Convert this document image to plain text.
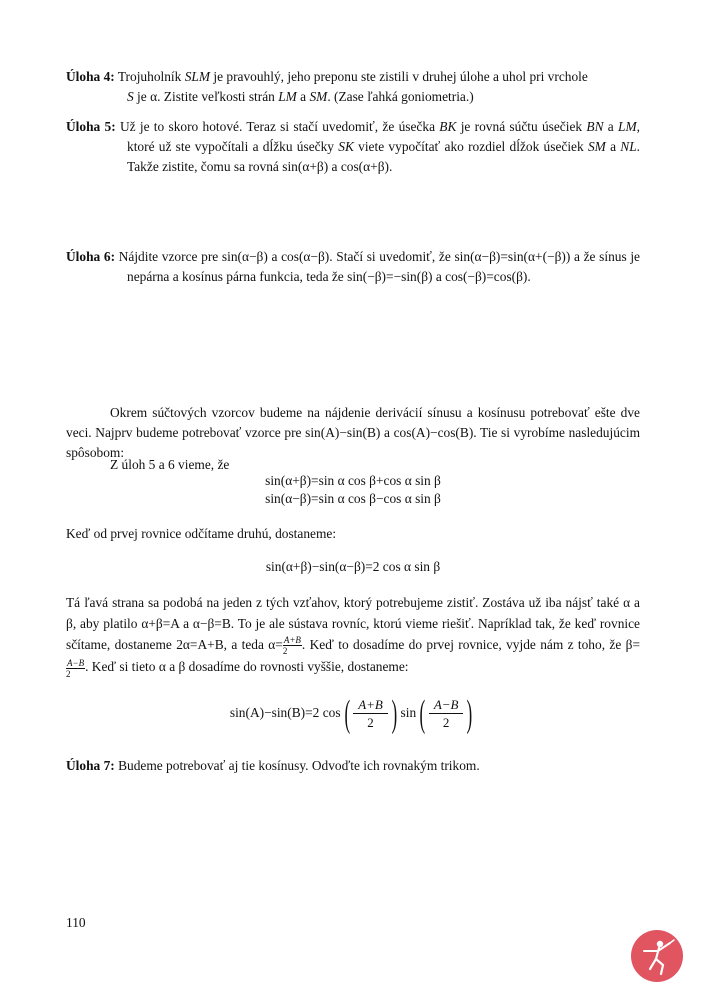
Úloha 4: Trojuholník SLM je pravouhlý, jeho preponu ste zistili v druhej úlohe a uhol pri vrchole
S je α. Zistite veľkosti strán LM a SM. (Zase ľahká goniometria.)
Úloha 5: Už je to skoro hotové. Teraz si stačí uvedomiť, že úsečka BK je rovná súčtu úsečiek BN a LM, ktoré už ste vypočítali a dĺžku úsečky SK viete vypočítať ako rozdiel dĺžok úsečiek SM a NL. Takže zistite, čomu sa rovná sin(α+β) a cos(α+β).
Úloha 6: Nájdite vzorce pre sin(α−β) a cos(α−β). Stačí si uvedomiť, že sin(α−β)=sin(α+(−β)) a že sínus je nepárna a kosínus párna funkcia, teda že sin(−β)=−sin(β) a cos(−β)=cos(β).
Okrem súčtových vzorcov budeme na nájdenie derivácií sínusu a kosínusu potrebovať ešte dve veci. Najprv budeme potrebovať vzorce pre sin(A)−sin(B) a cos(A)−cos(B). Tie si vyrobíme nasledujúcim spôsobom:
Z úloh 5 a 6 vieme, že
sin(α+β)=sin α cos β+cos α sin β
sin(α−β)=sin α cos β−cos α sin β
Keď od prvej rovnice odčítame druhú, dostaneme:
sin(α+β)−sin(α−β)=2 cos α sin β
Tá ľavá strana sa podobá na jeden z tých vzťahov, ktorý potrebujeme zistiť. Zostáva už iba nájsť také α a β, aby platilo α+β=A a α−β=B. To je ale sústava rovníc, ktorú vieme riešiť. Napríklad tak, že keď rovnice sčítame, dostaneme 2α=A+B, a teda $\alpha= \frac{A+B}{2}$ . Keď to dosadíme do prvej rovnice, vyjde nám z toho, že β=
$\frac{A-B}{2}$ . Keď si tieto α a β dosadíme do rovnosti vyššie, dostaneme:
sin(A)−sin(B)=2 $\cos( \frac{A+B}{2})$ $\sin( \frac{A-B}{2})$
Úloha 7: Budeme potrebovať aj tie kosínusy. Odvoďte ich rovnakým trikom.
110
